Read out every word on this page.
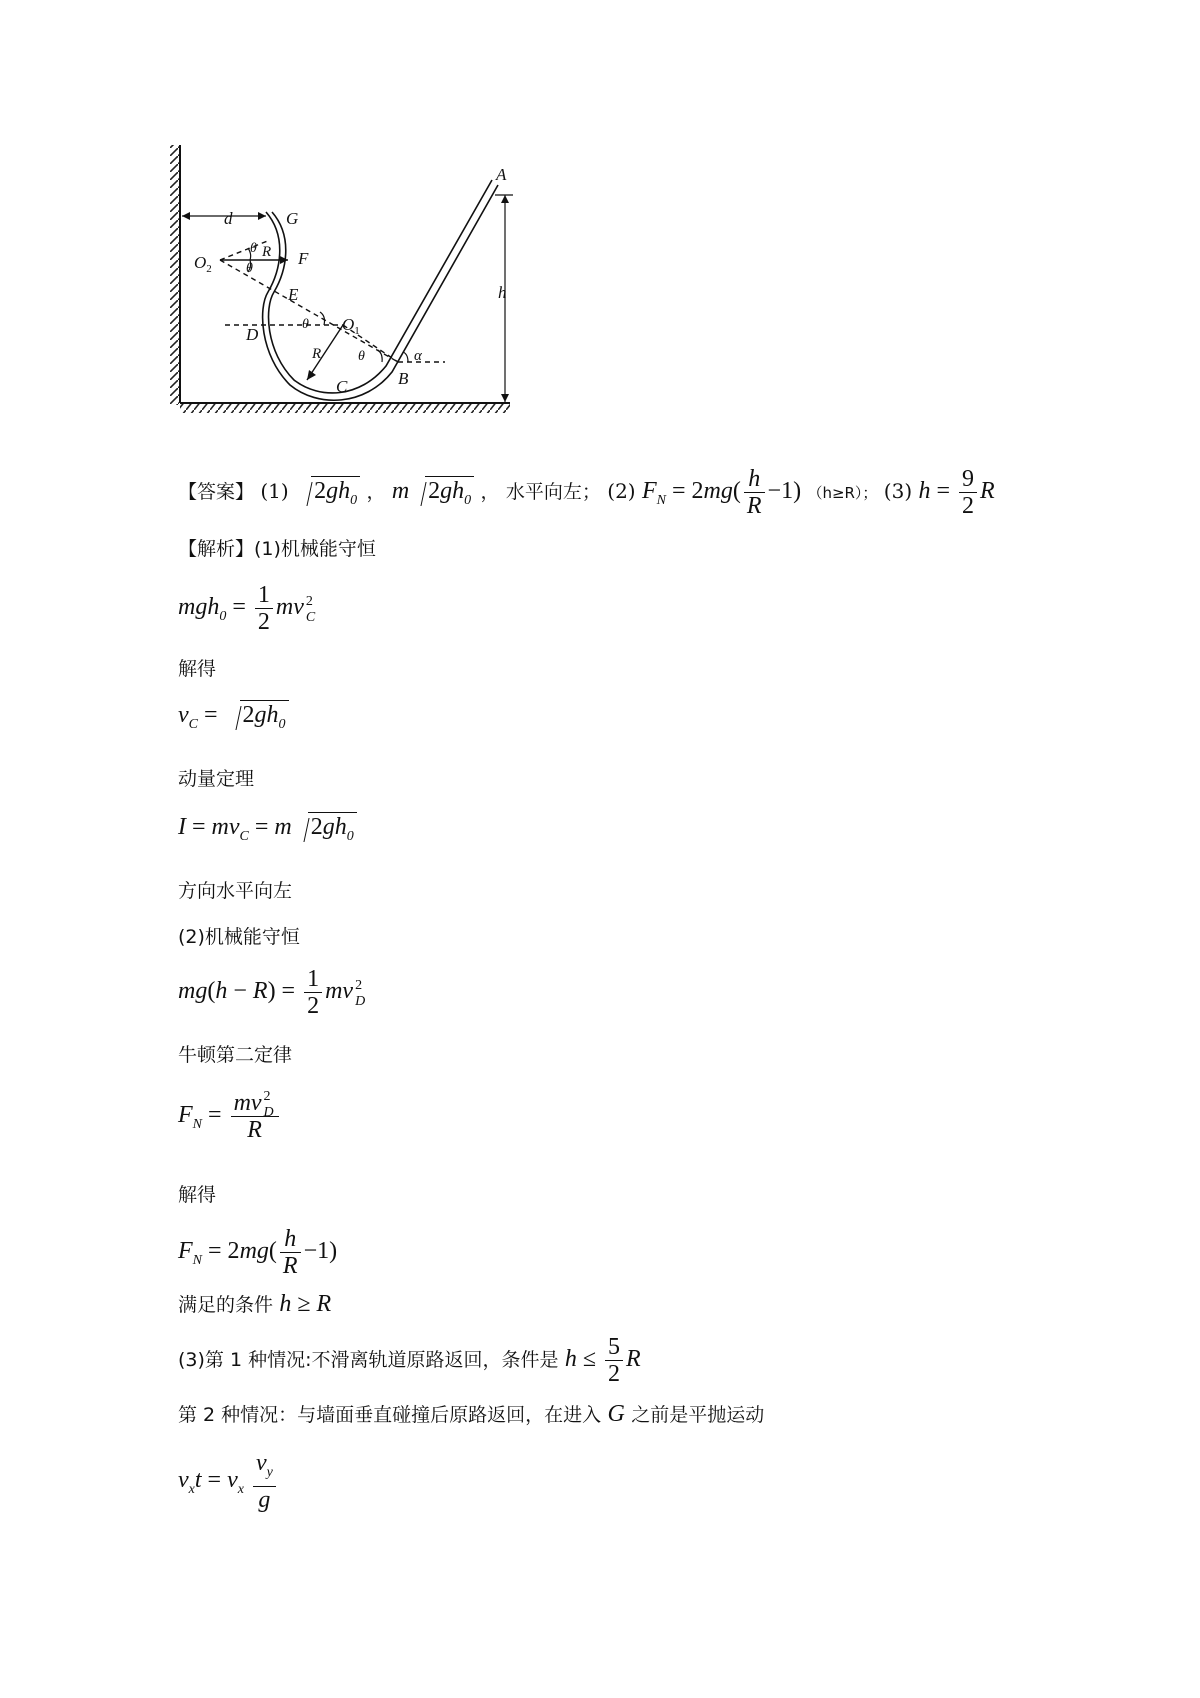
A
G
F
E
D
C	B
d
h
R
R
θ
θ
θ
θ	α
$O_2$
$O_1$
【答案】 (1) $2gh_0$ ， m $2gh_0$ ， 水平向左； (2) $F_N = 2mg( \frac{h}{R} -1)$ （h≥R）； (3) $h = \frac{9}{2}$ R
【解析】(1)机械能守恒
$mgh_0 = \frac{1}{2}$ mv 2
C
解得
$v_C = 2gh_0$
动量定理
$I = mv_C = m$ $2gh_0$
方向水平向左
(2)机械能守恒
$mg(h - R) = \frac{1}{2}$ mv 2
D
牛顿第二定律
$F_N$ = mv 2
D
R
解得
$F_N = 2mg( \frac{h}{R} -1)$
满足的条件 h ≥ R
(3)第 1 种情况:不滑离轨道原路返回，条件是 $h \le \frac{5}{2}$ R
第 2 种情况：与墙面垂直碰撞后原路返回，在进入 G 之前是平抛运动
$v_xt = v_x \frac{v_y}{g}$
